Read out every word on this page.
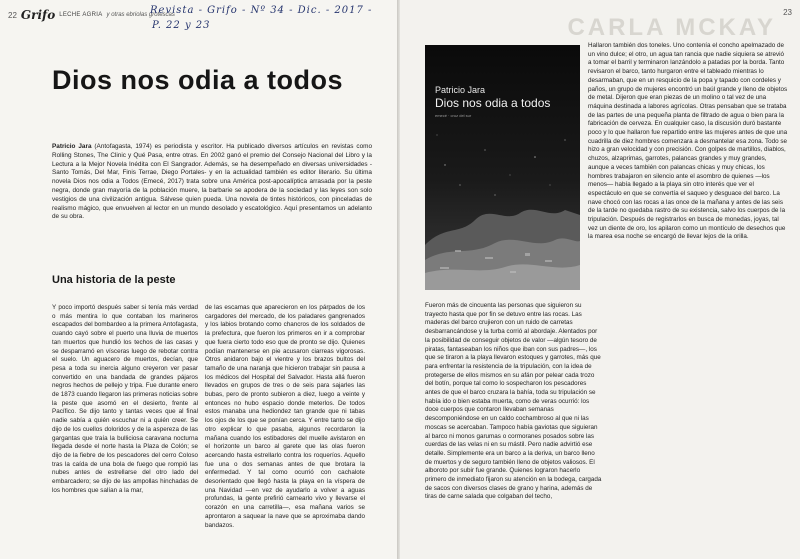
22 Grifo LECHE AGRIA y otras ebriolas grotescas
Revista - Grifo - Nº 34 - Dic. - 2017 -
P. 22 y 23
Dios nos odia a todos

Patricio Jara (Antofagasta, 1974) es periodista y escritor. Ha publicado diversos artículos en revistas como Rolling Stones, The Clinic y Qué Pasa, entre otras. En 2002 ganó el premio del Consejo Nacional del Libro y la Lectura a la Mejor Novela Inédita con El Sangrador. Además, se ha desempeñado en diversas universidades -Santo Tomás, Del Mar, Finis Terrae, Diego Portales- y en la actualidad también es editor literario. Su última novela Dios nos odia a Todos (Emecé, 2017) trata sobre una América post-apocalíptica arrasada por la peste negra, donde gran mayoría de la población muere, la barbarie se apodera de la sociedad y las leyes son solo vestigios de una civilización antigua. Sálvese quien pueda. Una novela de tintes históricos, con pinceladas de realismo mágico, que envuelven al lector en un mundo desolado y escatológico. Aquí presentamos un adelanto de su obra.

Una historia de la peste
Y poco importó después saber si tenía más verdad o más mentira lo que contaban los marineros escapados del bombardeo a la primera Antofagasta, cuando cayó sobre el puerto una lluvia de muertos tan muertos que hundió los techos de las casas y se desparramó en vísceras luego de rebotar contra el suelo. Un aguacero de muertos, decían, que pesa a toda su inercia alguno creyeron ver pasar convertido en una bandada de grandes pájaros negros hechos de pellejo y tripa. Fue durante enero de 1873 cuando llegaron las primeras noticias sobre la peste que asomó en el desierto, frente al Pacífico. Se dijo tanto y tantas veces que al final nadie sabía a quién escuchar ni a quién creer. Se dijo de los cuellos doloridos y de la aspereza de las gargantas que traía la bulliciosa caravana nocturna llegada desde el norte hasta la Plaza de Colón; se dijo de la fiebre de los pescadores del cerro Coloso tras la caída de una bola de fuego que rompió las nubes antes de estrellarse del otro lado del embarcadero; se dijo de las ampollas hinchadas de los hombres que salían a la mar,
de las escamas que aparecieron en los párpados de los cargadores del mercado, de los paladares gangrenados y los labios brotando como chancros de los soldados de la prefectura, que fueron los primeros en ir a comprobar que fuera cierto todo eso que de pronto se dijo. Quienes podían mantenerse en pie acusaron ciarreas vigorosas. Otros anidaron bajo el vientre y los brazos bultos del tamaño de una naranja que hicieron trabajar sin pausa a los médicos del Hospital del Salvador. Hasta allá fueron llevados en grupos de tres o de seis para sajarles las bubas, pero de pronto subieron a diez, luego a veinte y entonces no hubo espacio donde meterlos. De todos estos manaba una hediondez tan grande que ni tabas los ojos de los que se ponían cerca. Y entre tanto se dijo otro explicar lo que pasaba, algunos recordaron la mañana cuando los estibadores del muelle avistaron en el horizonte un barco al garete que las olas fueron acercando hasta estrellarlo contra los roqueríos. Aquello fue una o dos semanas antes de que brotara la enfermedad. Y tal como ocurrió con cachalote desorientado que llegó hasta la playa en la víspera de una Navidad —en vez de ayudarlo a volver a aguas profundas, la gente prefirió carnearlo vivo y llevarse el corazón en una carretilla—, esa mañana varios se aprontaron a saquear la nave que se aproximaba dando bandazos.
CARLA MCKAY
23
Patricio Jara
Dios nos odia a todos
emecé · cruz del sur
Hallaron también dos toneles. Uno contenía el concho apelmazado de un vino dulce; el otro, un agua tan rancia que nadie siquiera se atrevió a tomar el barril y terminaron lanzándolo a patadas por la borda. Tanto revisaron el barco, tanto hurgaron entre el tableado mientras lo desarmaban, que en un resquicio de la popa y tapado con cordeles y paños, un grupo de mujeres encontró un baúl grande y lleno de objetos de metal. Dijeron que eran piezas de un molino o tal vez de una máquina destinada a labores agrícolas. Otras pensaban que se trataba de las partes de una pequeña planta de filtrado de agua o bien para la fabricación de cerveza. En cualquier caso, la discusión duró bastante poco y lo que hallaron fue repartido entre las mujeres antes de que una cuadrilla de diez hombres comenzara a desmantelar esa zona. Todo se hizo a gran velocidad y con precisión. Con golpes de martillos, diablos, chuzos, alzaprimas, garrotes, palancas grandes y muy grandes, aunque a veces también con palancas chicas y muy chicas, los hombres trabajaron en silencio ante el asombro de quienes —los menos— había llegado a la playa sin otro interés que ver el espectáculo en que se convertía el saqueo y desguace del barco. La nave chocó con las rocas a las once de la mañana y antes de las seis de la tarde no quedaba rastro de su existencia, salvo los cuerpos de la tripulación. Después de registrarlos en busca de monedas, joyas, tal vez un diente de oro, los apilaron como un montículo de desechos que la marea esa noche se encargó de llevar lejos de la orilla.
Fueron más de cincuenta las personas que siguieron su trayecto hasta que por fin se detuvo entre las rocas. Las maderas del barco crujieron con un ruido de carretas desbarrancándose y la turba corrió al abordaje. Alentados por la posibilidad de conseguir objetos de valor —algún tesoro de piratas, fantaseaban los niños que iban con sus padres—, los que se tiraron a la playa llevaron estoques y garrotes, más que para enfrentar la resistencia de la tripulación, con la idea de protegerse de ellos mismos en su afán por pelear cada trozo del botín, porque tal como lo sospecharon los pescadores antes de que el barco cruzara la bahía, toda su tripulación se había ido o bien estaba muerta, como de veras ocurrió: los doce cuerpos que contaron llevaban semanas descomponiéndose en un caldo cochambroso al que ni las moscas se acercaban. Tampoco había gaviotas que siguieran al barco ni monos garumas o cormoranes posados sobre las cuerdas de las velas ni en su mástil. Pero nadie advirtió ese detalle. Simplemente era un barco a la deriva, un barco lleno de muertos y de seguro también lleno de objetos valiosos. El alboroto por subir fue grande. Quienes lograron hacerlo primero de inmediato fijaron su atención en la bodega, cargada de sacos con diversos clases de grano y harina, además de tiras de carne salada que colgaban del techo,
